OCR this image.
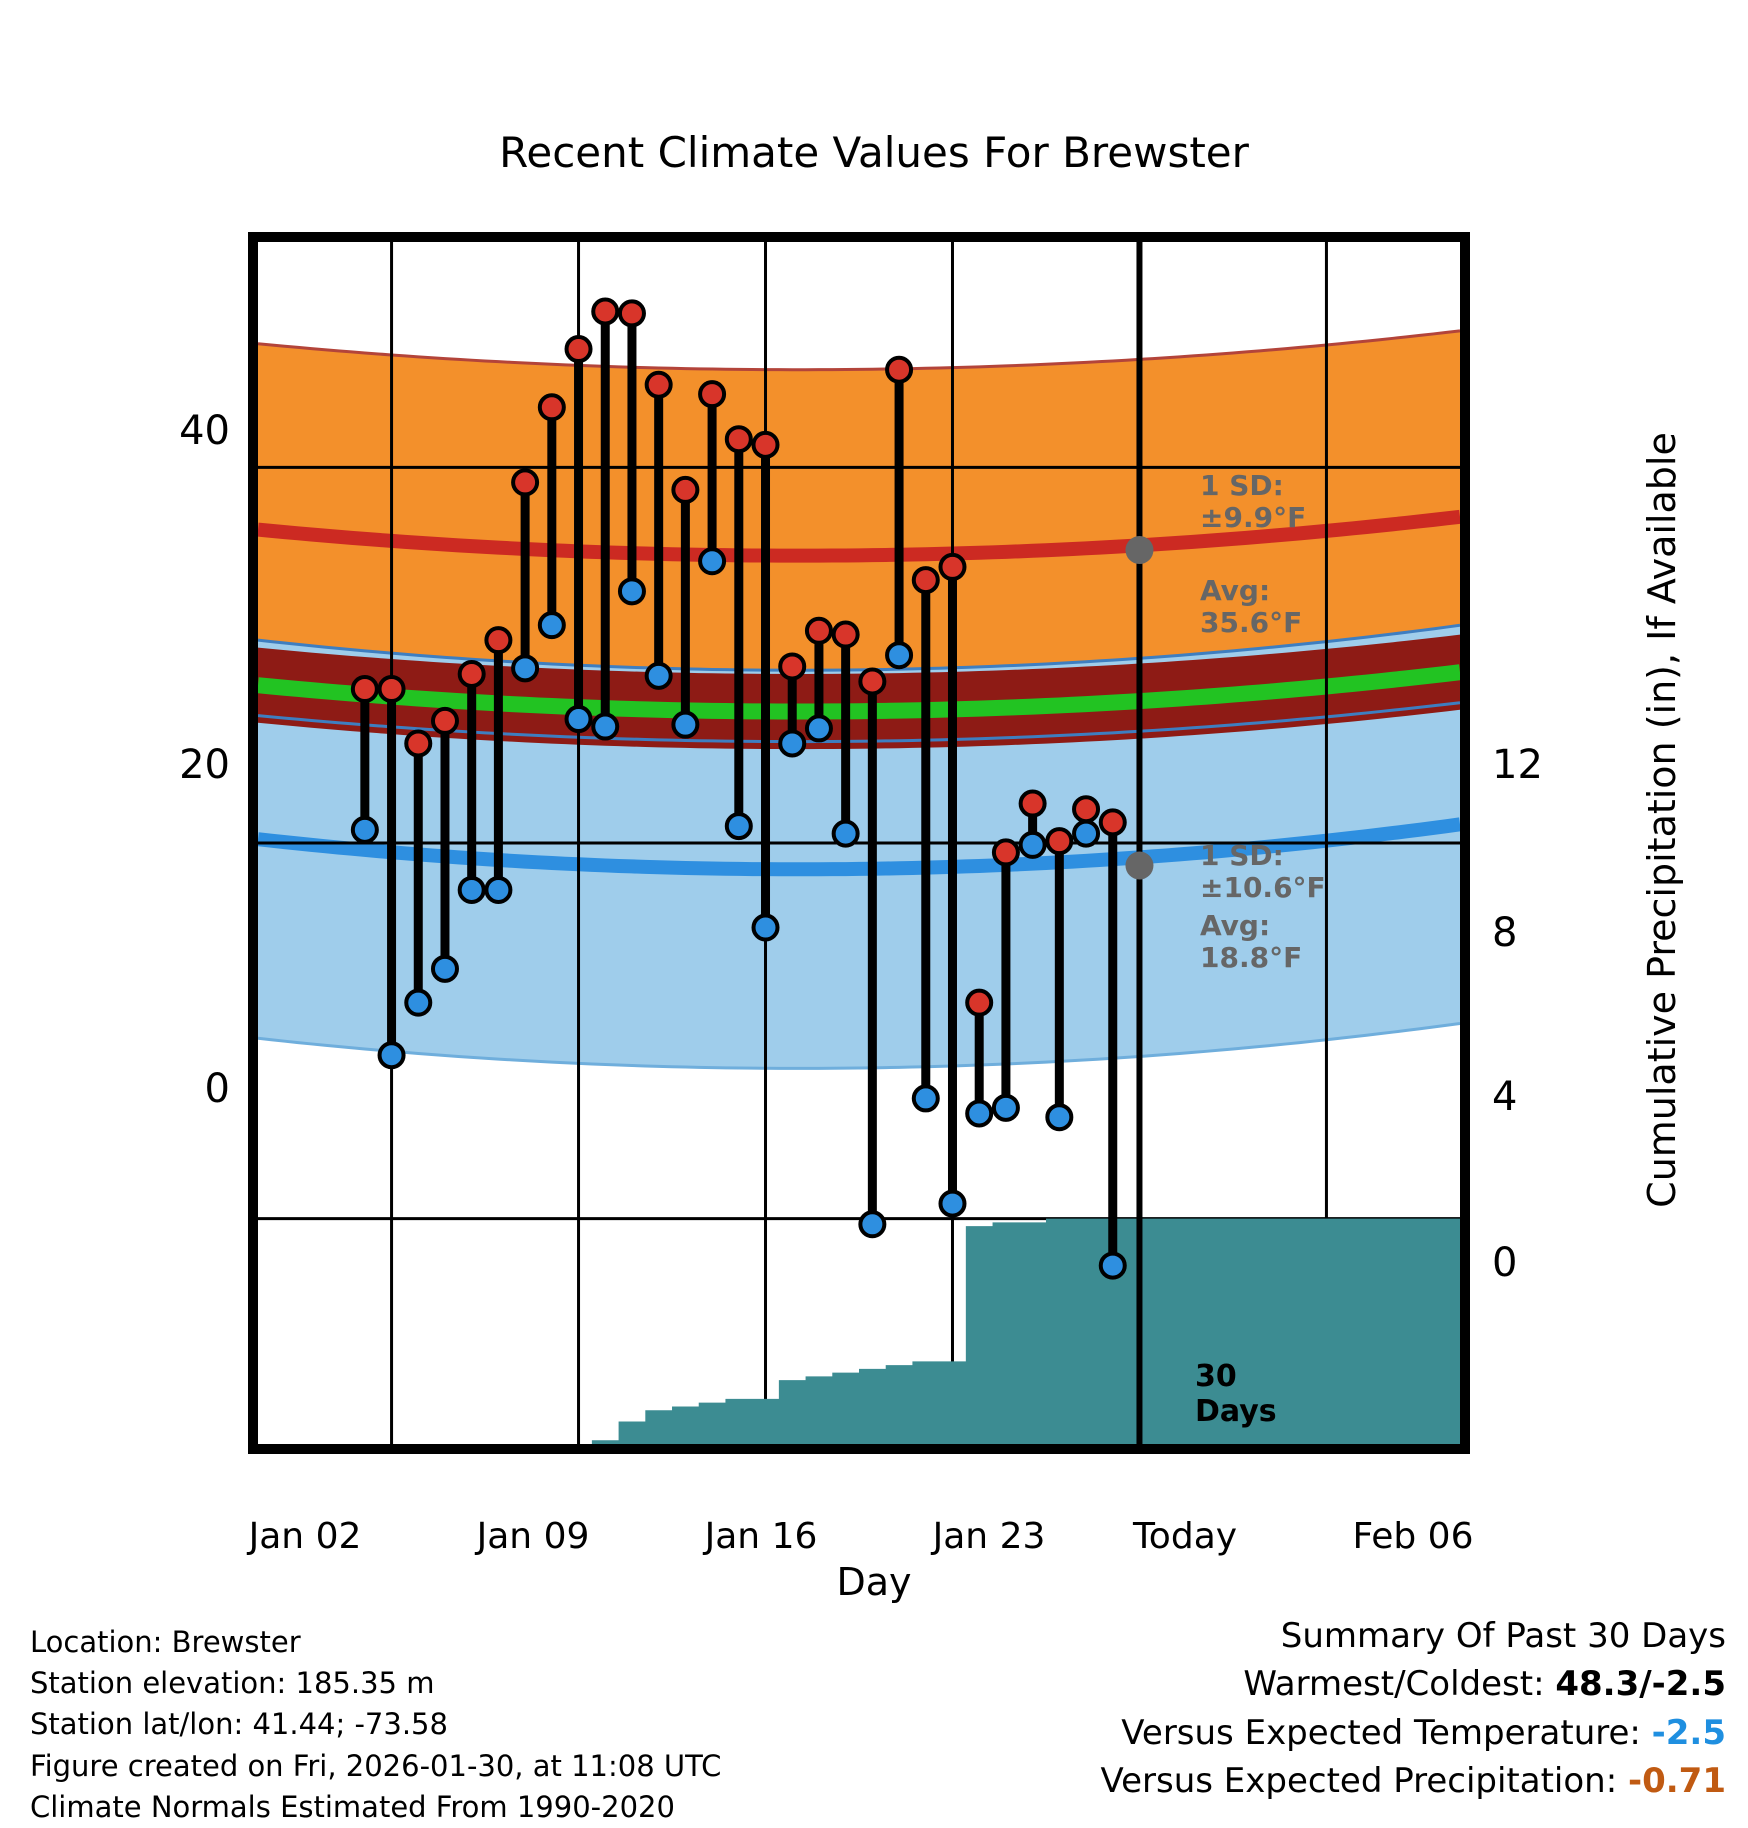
Recent Climate Values For Brewster
Cumulative Precipitation (in), If Available
Day
0
20
40
0
4
8
12
Jan 02	Jan 09	Jan 16	Jan 23	Today	Feb 06
1 SD:
±9.9°F
Avg:
35.6°F
1 SD:
±10.6°F
Avg:
18.8°F
30
Days
Location: Brewster
Station elevation: 185.35 m
Station lat/lon: 41.44; -73.58
Figure created on Fri, 2026-01-30, at 11:08 UTC
Climate Normals Estimated From 1990-2020
Summary Of Past 30 Days
Warmest/Coldest: 48.3/-2.5
Versus Expected Temperature: -2.5
Versus Expected Precipitation: -0.71
